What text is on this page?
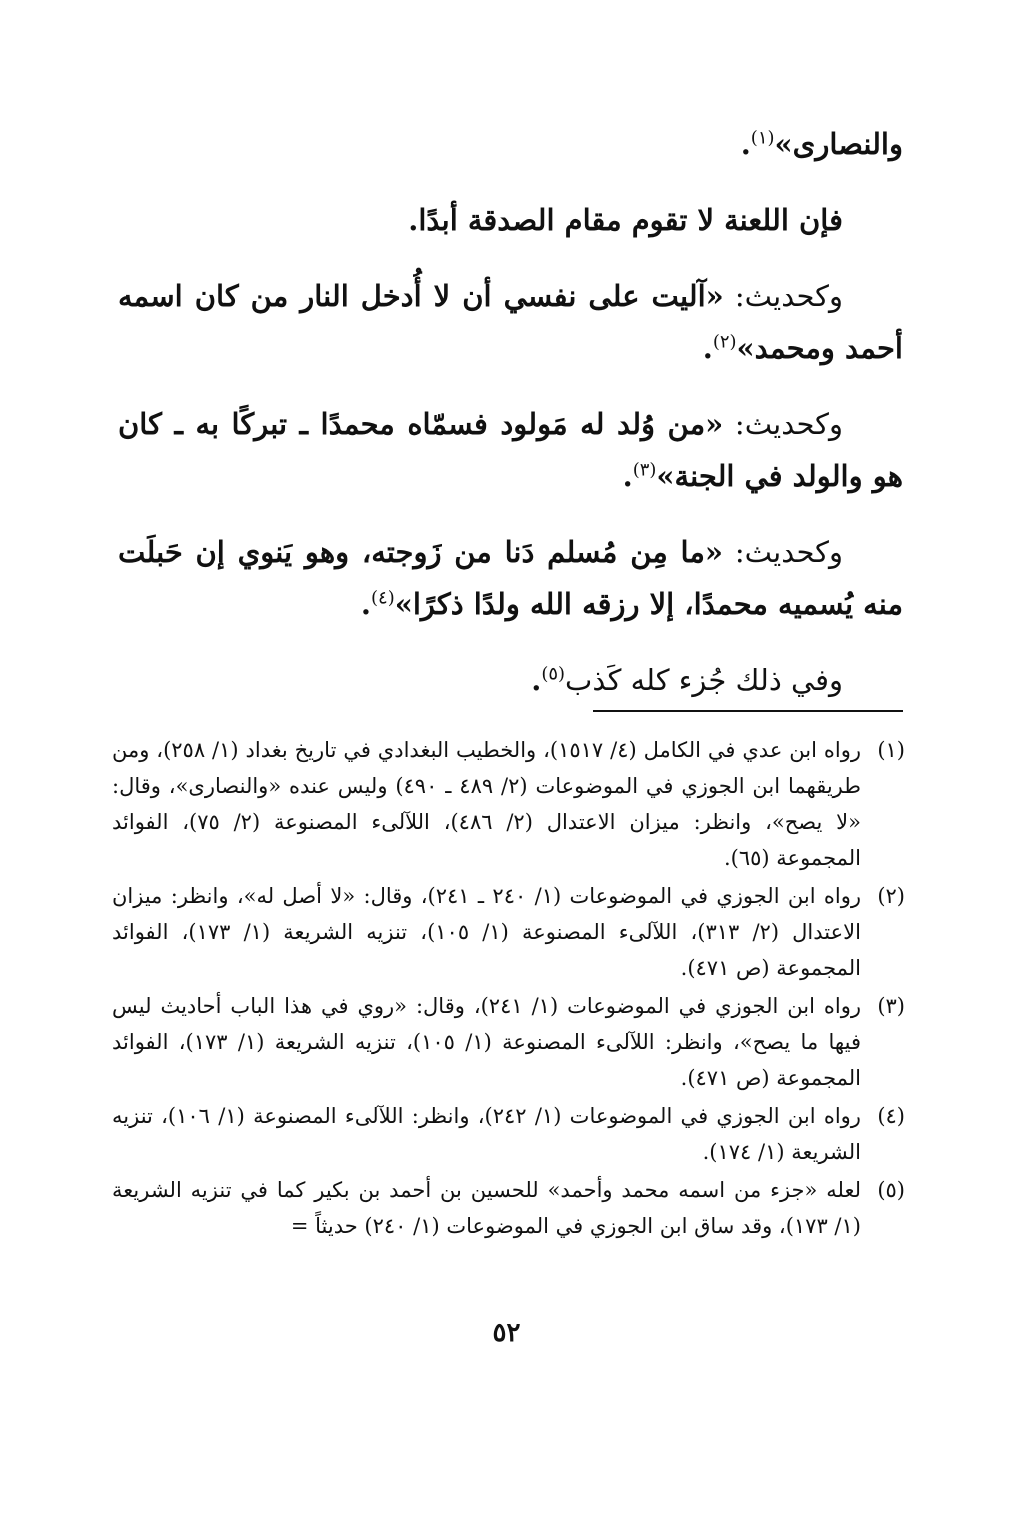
والنصارى»$^{(١)}$.

فإن اللعنة لا تقوم مقام الصدقة أبدًا.

وكحديث: «آليت على نفسي أن لا أُدخل النار من كان اسمه أحمد ومحمد»$^{(٢)}$.

وكحديث: «من وُلد له مَولود فسمّاه محمدًا ـ تبركًا به ـ كان هو والولد في الجنة»$^{(٣)}$.

وكحديث: «ما مِن مُسلم دَنا من زَوجته، وهو يَنوي إن حَبلَت منه يُسميه محمدًا، إلا رزقه الله ولدًا ذكرًا»$^{(٤)}$.

وفي ذلك جُزء كله كَذب$^{(٥)}$.

(١)
رواه ابن عدي في الكامل (٤/ ١٥١٧)، والخطيب البغدادي في تاريخ بغداد (١/ ٢٥٨)، ومن طريقهما ابن الجوزي في الموضوعات (٢/ ٤٨٩ ـ ٤٩٠) وليس عنده «والنصارى»، وقال: «لا يصح»، وانظر: ميزان الاعتدال (٢/ ٤٨٦)، اللآلىء المصنوعة (٢/ ٧٥)، الفوائد المجموعة (٦٥).
(٢)
رواه ابن الجوزي في الموضوعات (١/ ٢٤٠ ـ ٢٤١)، وقال: «لا أصل له»، وانظر: ميزان الاعتدال (٢/ ٣١٣)، اللآلىء المصنوعة (١/ ١٠٥)، تنزيه الشريعة (١/ ١٧٣)، الفوائد المجموعة (ص ٤٧١).
(٣)
رواه ابن الجوزي في الموضوعات (١/ ٢٤١)، وقال: «روي في هذا الباب أحاديث ليس فيها ما يصح»، وانظر: اللآلىء المصنوعة (١/ ١٠٥)، تنزيه الشريعة (١/ ١٧٣)، الفوائد المجموعة (ص ٤٧١).
(٤)
رواه ابن الجوزي في الموضوعات (١/ ٢٤٢)، وانظر: اللآلىء المصنوعة (١/ ١٠٦)، تنزيه الشريعة (١/ ١٧٤).
(٥)
لعله «جزء من اسمه محمد وأحمد» للحسين بن أحمد بن بكير كما في تنزيه الشريعة (١/ ١٧٣)، وقد ساق ابن الجوزي في الموضوعات (١/ ٢٤٠) حديثاً =
٥٢
